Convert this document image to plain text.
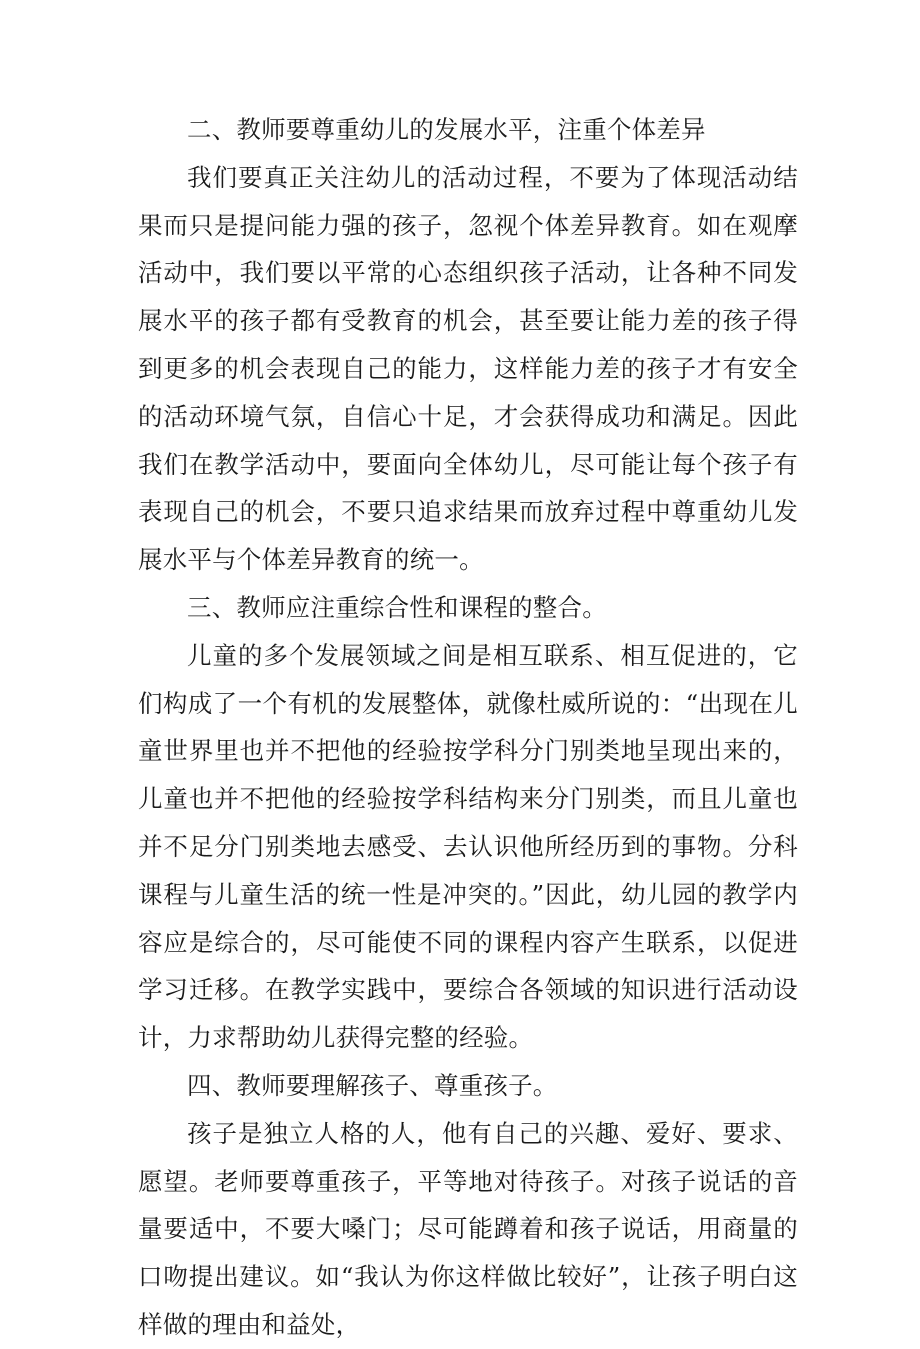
二、教师要尊重幼儿的发展水平，注重个体差异

我们要真正关注幼儿的活动过程，不要为了体现活动结果而只是提问能力强的孩子，忽视个体差异教育。如在观摩活动中，我们要以平常的心态组织孩子活动，让各种不同发展水平的孩子都有受教育的机会，甚至要让能力差的孩子得到更多的机会表现自己的能力，这样能力差的孩子才有安全的活动环境气氛，自信心十足，才会获得成功和满足。因此我们在教学活动中，要面向全体幼儿，尽可能让每个孩子有表现自己的机会，不要只追求结果而放弃过程中尊重幼儿发展水平与个体差异教育的统一。

三、教师应注重综合性和课程的整合。

儿童的多个发展领域之间是相互联系、相互促进的，它们构成了一个有机的发展整体，就像杜威所说的：“出现在儿童世界里也并不把他的经验按学科分门别类地呈现出来的，儿童也并不把他的经验按学科结构来分门别类，而且儿童也并不足分门别类地去感受、去认识他所经历到的事物。分科课程与儿童生活的统一性是冲突的。”因此，幼儿园的教学内容应是综合的，尽可能使不同的课程内容产生联系，以促进学习迁移。在教学实践中，要综合各领域的知识进行活动设计，力求帮助幼儿获得完整的经验。

四、教师要理解孩子、尊重孩子。

孩子是独立人格的人，他有自己的兴趣、爱好、要求、愿望。老师要尊重孩子，平等地对待孩子。对孩子说话的音量要适中，不要大嗓门；尽可能蹲着和孩子说话，用商量的口吻提出建议。如“我认为你这样做比较好”，让孩子明白这样做的理由和益处，
